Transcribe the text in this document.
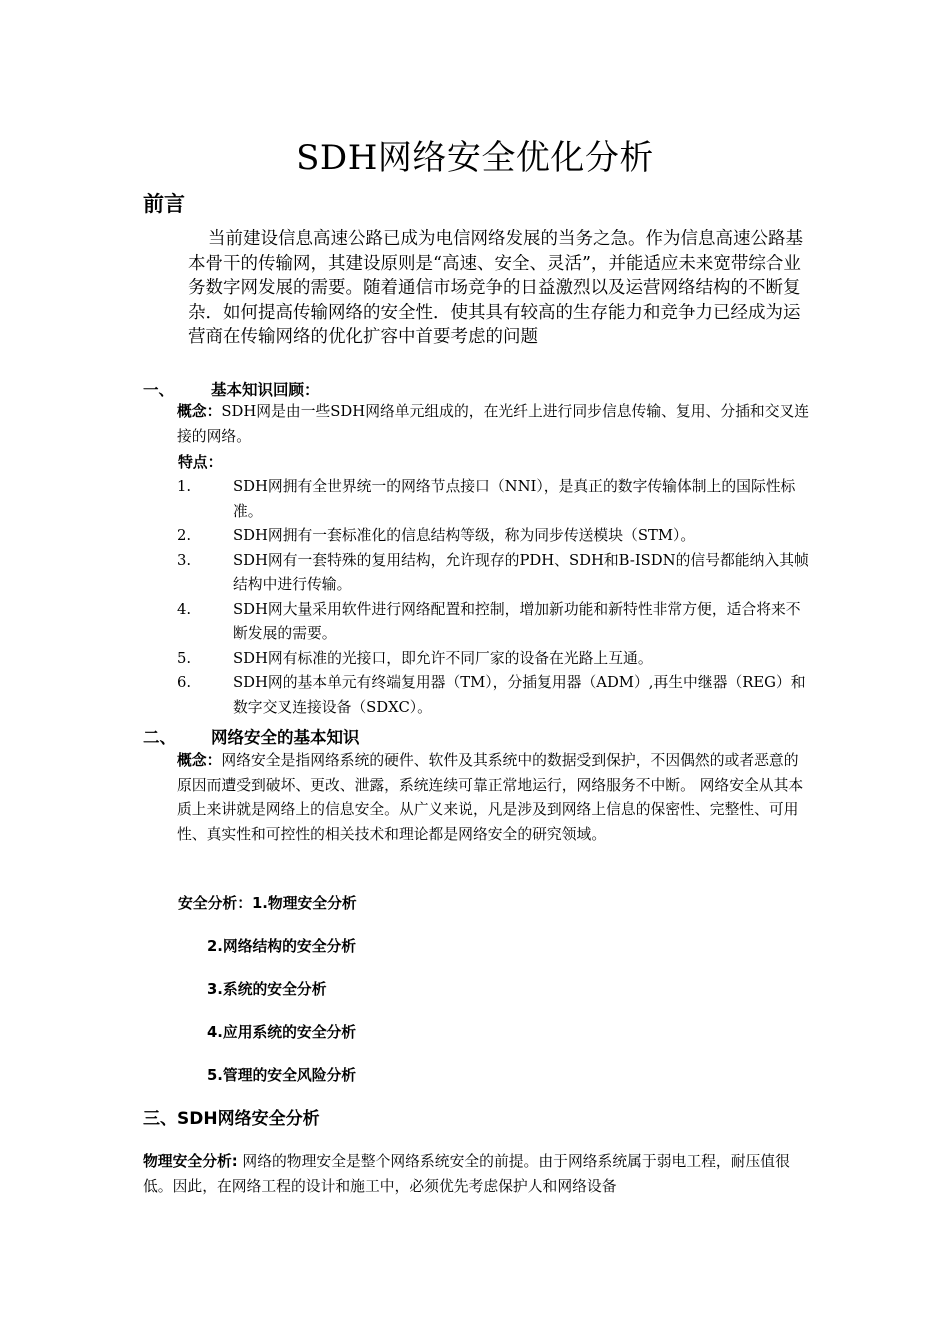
SDH网络安全优化分析
前言
当前建设信息高速公路已成为电信网络发展的当务之急。作为信息高速公路基本骨干的传输网，其建设原则是“高速、安全、灵活”，并能适应未来宽带综合业务数字网发展的需要。随着通信市场竞争的日益激烈以及运营网络结构的不断复杂．如何提高传输网络的安全性．使其具有较高的生存能力和竞争力已经成为运营商在传输网络的优化扩容中首要考虑的问题
一、 基本知识回顾：
概念：SDH网是由一些SDH网络单元组成的，在光纤上进行同步信息传输、复用、分插和交叉连接的网络。
特点：
1.	SDH网拥有全世界统一的网络节点接口（NNI），是真正的数字传输体制上的国际性标准。
2.	SDH网拥有一套标准化的信息结构等级，称为同步传送模块（STM）。
3.	SDH网有一套特殊的复用结构，允许现存的PDH、SDH和B-ISDN的信号都能纳入其帧结构中进行传输。
4.	SDH网大量采用软件进行网络配置和控制，增加新功能和新特性非常方便，适合将来不断发展的需要。
5.	SDH网有标准的光接口，即允许不同厂家的设备在光路上互通。
6.	SDH网的基本单元有终端复用器（TM），分插复用器（ADM）,再生中继器（REG）和数字交叉连接设备（SDXC）。
二、 网络安全的基本知识
概念：网络安全是指网络系统的硬件、软件及其系统中的数据受到保护，不因偶然的或者恶意的原因而遭受到破坏、更改、泄露，系统连续可靠正常地运行，网络服务不中断。 网络安全从其本质上来讲就是网络上的信息安全。从广义来说，凡是涉及到网络上信息的保密性、完整性、可用性、真实性和可控性的相关技术和理论都是网络安全的研究领域。
安全分析：1.物理安全分析
2.网络结构的安全分析
3.系统的安全分析
4.应用系统的安全分析
5.管理的安全风险分析
三、SDH网络安全分析
物理安全分析: 网络的物理安全是整个网络系统安全的前提。由于网络系统属于弱电工程，耐压值很低。因此，在网络工程的设计和施工中，必须优先考虑保护人和网络设备
